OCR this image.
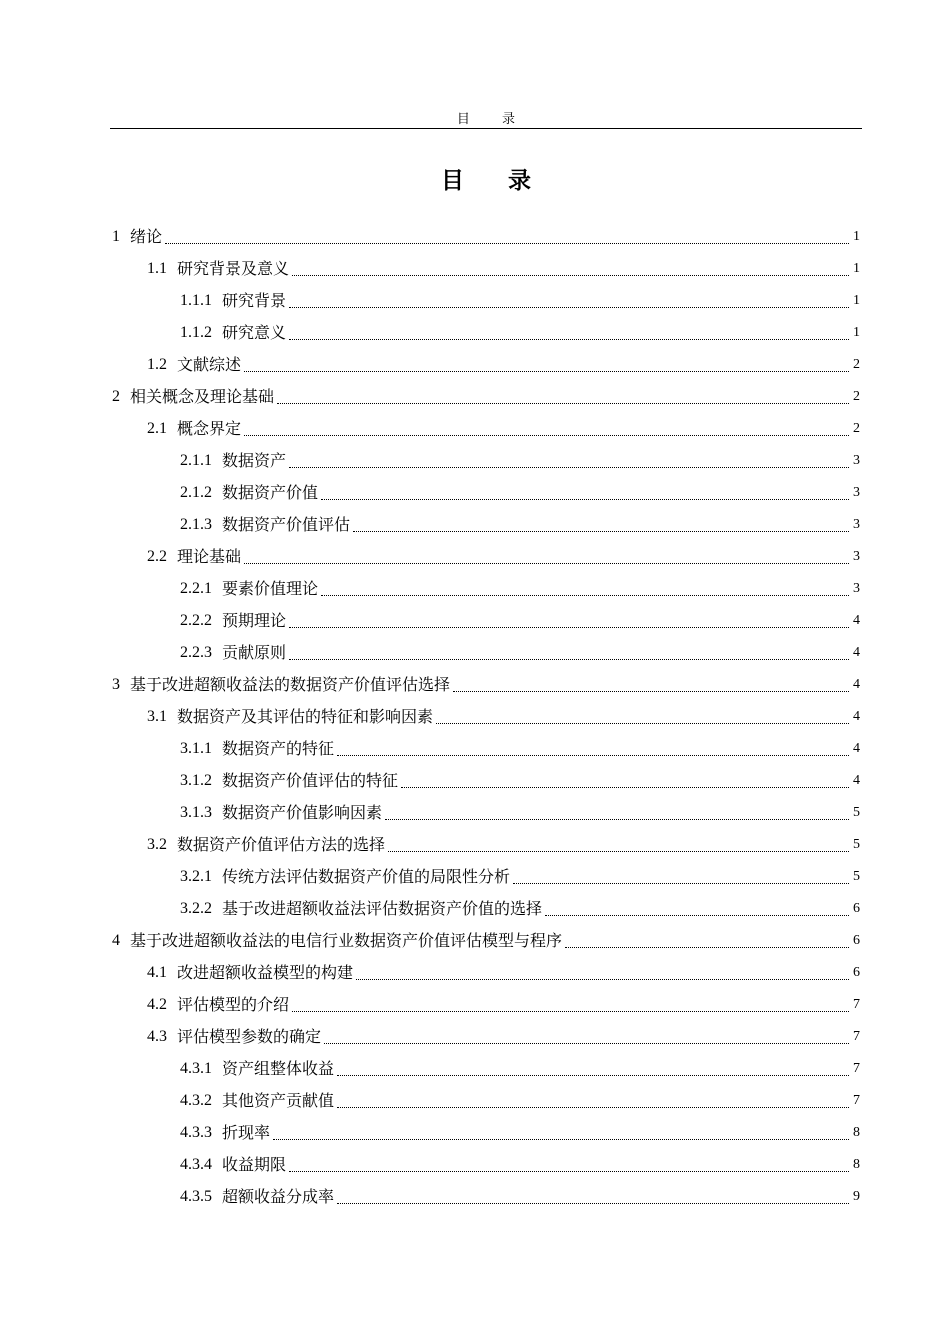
目 录
目 录
1 绪论	1
1.1 研究背景及意义	1
1.1.1 研究背景	1
1.1.2 研究意义	1
1.2 文献综述	2
2 相关概念及理论基础	2
2.1 概念界定	2
2.1.1 数据资产	3
2.1.2 数据资产价值	3
2.1.3 数据资产价值评估	3
2.2 理论基础	3
2.2.1 要素价值理论	3
2.2.2 预期理论	4
2.2.3 贡献原则	4
3 基于改进超额收益法的数据资产价值评估选择	4
3.1 数据资产及其评估的特征和影响因素	4
3.1.1 数据资产的特征	4
3.1.2 数据资产价值评估的特征	4
3.1.3 数据资产价值影响因素	5
3.2 数据资产价值评估方法的选择	5
3.2.1 传统方法评估数据资产价值的局限性分析	5
3.2.2 基于改进超额收益法评估数据资产价值的选择	6
4 基于改进超额收益法的电信行业数据资产价值评估模型与程序	6
4.1 改进超额收益模型的构建	6
4.2 评估模型的介绍	7
4.3 评估模型参数的确定	7
4.3.1 资产组整体收益	7
4.3.2 其他资产贡献值	7
4.3.3 折现率	8
4.3.4 收益期限	8
4.3.5 超额收益分成率	9
